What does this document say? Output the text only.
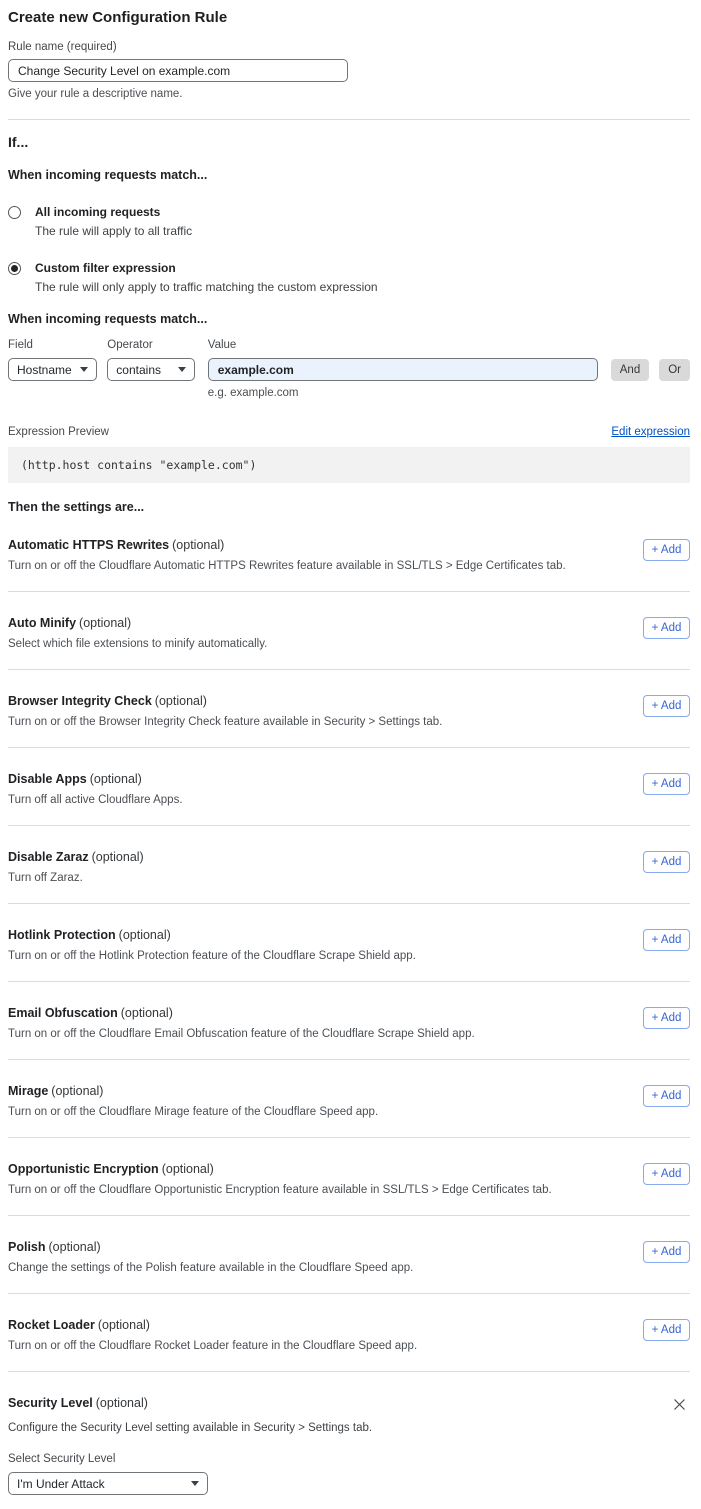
Create new Configuration Rule
Rule name (required)
Change Security Level on example.com
Give your rule a descriptive name.
If...
When incoming requests match...
All incoming requests
The rule will apply to all traffic
Custom filter expression
The rule will only apply to traffic matching the custom expression
When incoming requests match...
Field
Hostname
Operator
contains
Value
example.com
e.g. example.com
And	Or
Expression Preview	Edit expression
(http.host contains "example.com")
Then the settings are...
Automatic HTTPS Rewrites (optional)
Turn on or off the Cloudflare Automatic HTTPS Rewrites feature available in SSL/TLS > Edge Certificates tab.
+ Add
Auto Minify (optional)
Select which file extensions to minify automatically.
+ Add
Browser Integrity Check (optional)
Turn on or off the Browser Integrity Check feature available in Security > Settings tab.
+ Add
Disable Apps (optional)
Turn off all active Cloudflare Apps.
+ Add
Disable Zaraz (optional)
Turn off Zaraz.
+ Add
Hotlink Protection (optional)
Turn on or off the Hotlink Protection feature of the Cloudflare Scrape Shield app.
+ Add
Email Obfuscation (optional)
Turn on or off the Cloudflare Email Obfuscation feature of the Cloudflare Scrape Shield app.
+ Add
Mirage (optional)
Turn on or off the Cloudflare Mirage feature of the Cloudflare Speed app.
+ Add
Opportunistic Encryption (optional)
Turn on or off the Cloudflare Opportunistic Encryption feature available in SSL/TLS > Edge Certificates tab.
+ Add
Polish (optional)
Change the settings of the Polish feature available in the Cloudflare Speed app.
+ Add
Rocket Loader (optional)
Turn on or off the Cloudflare Rocket Loader feature in the Cloudflare Speed app.
+ Add
Security Level (optional)
Configure the Security Level setting available in Security > Settings tab.
Select Security Level
I'm Under Attack
